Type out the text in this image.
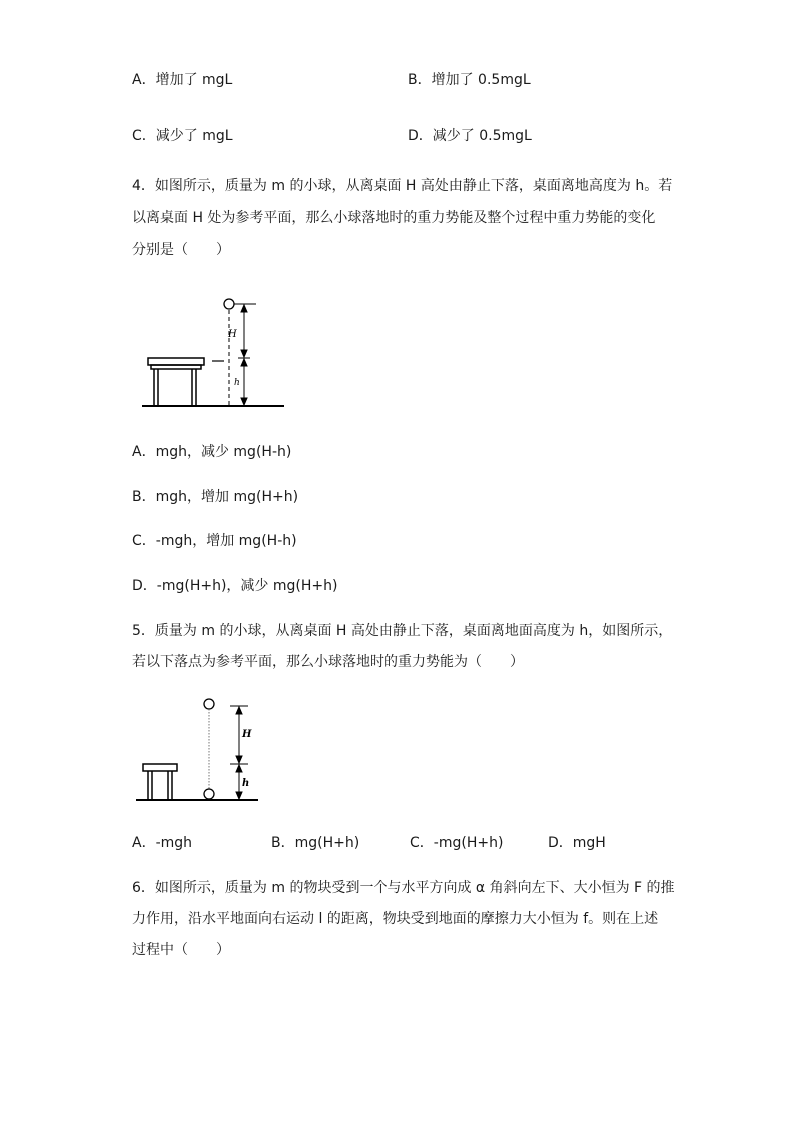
A．增加了 mgL	B．增加了 0.5mgL
C．减少了 mgL	D．减少了 0.5mgL
4．如图所示，质量为 m 的小球，从离桌面 H 高处由静止下落，桌面离地高度为 h。若
以离桌面 H 处为参考平面，那么小球落地时的重力势能及整个过程中重力势能的变化
分别是（　　）
H
h
A．mgh，减少 mg(H-h)
B．mgh，增加 mg(H+h)
C．-mgh，增加 mg(H-h)
D．-mg(H+h)，减少 mg(H+h)
5．质量为 m 的小球，从离桌面 H 高处由静止下落，桌面离地面高度为 h，如图所示，
若以下落点为参考平面，那么小球落地时的重力势能为（　　）
H
h
A．-mgh	B．mg(H+h)	C．-mg(H+h)	D．mgH
6．如图所示，质量为 m 的物块受到一个与水平方向成 α 角斜向左下、大小恒为 F 的推
力作用，沿水平地面向右运动 l 的距离，物块受到地面的摩擦力大小恒为 f。则在上述
过程中（　　）
